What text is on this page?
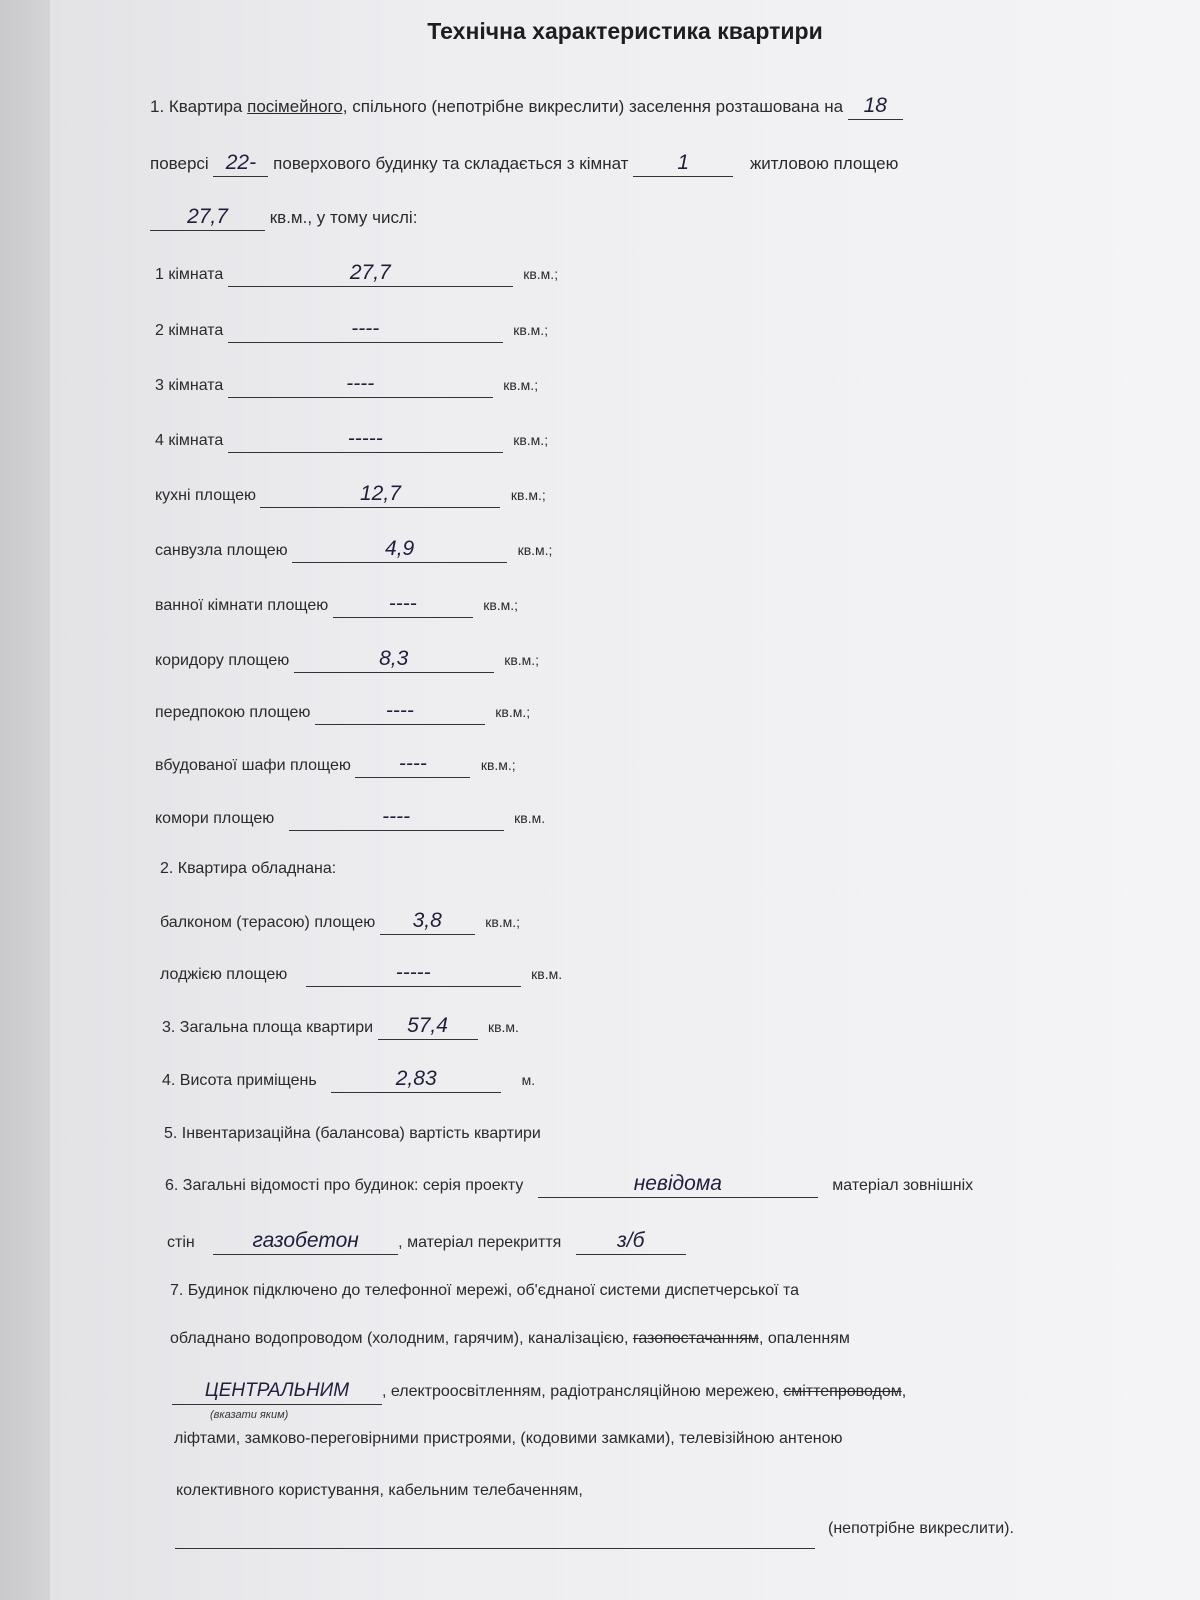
Технічна характеристика квартири
1. Квартира посімейного, спільного (непотрібне викреслити) заселення розташована на 18
поверсі 22- поверхового будинку та складається з кімнат 1	житловою площею
27,7 кв.м., у тому числі:
1 кімната	27,7	кв.м.;
2 кімната	----	кв.м.;
3 кімната	----	кв.м.;
4 кімната	-----	кв.м.;
кухні площею	12,7	кв.м.;
санвузла площею	4,9	кв.м.;
ванної кімнати площею	----	кв.м.;
коридору площею	8,3	кв.м.;
передпокою площею	----	кв.м.;
вбудованої шафи площею ----	кв.м.;
комори площею	----	кв.м.
2. Квартира обладнана:
балконом (терасою) площею 3,8	кв.м.;
лоджією площею	-----	кв.м.
3. Загальна площа квартири 57,4	кв.м.
4. Висота приміщень	2,83	м.
5. Інвентаризаційна (балансова) вартість квартири
6. Загальні відомості про будинок: серія проекту	невідома	матеріал зовнішніх
стін	газобетон , матеріал перекриття	з/б
7. Будинок підключено до телефонної мережі, об'єднаної системи диспетчерської та
обладнано водопроводом (холодним, гарячим), каналізацією, газопостачанням, опаленням
ЦЕНТРАЛЬНИМ , електроосвітленням, радіотрансляційною мережею, сміттепроводом,
(вказати яким)
ліфтами, замково-переговірними пристроями, (кодовими замками), телевізійною антеною
колективного користування, кабельним телебаченням,
(непотрібне викреслити).
